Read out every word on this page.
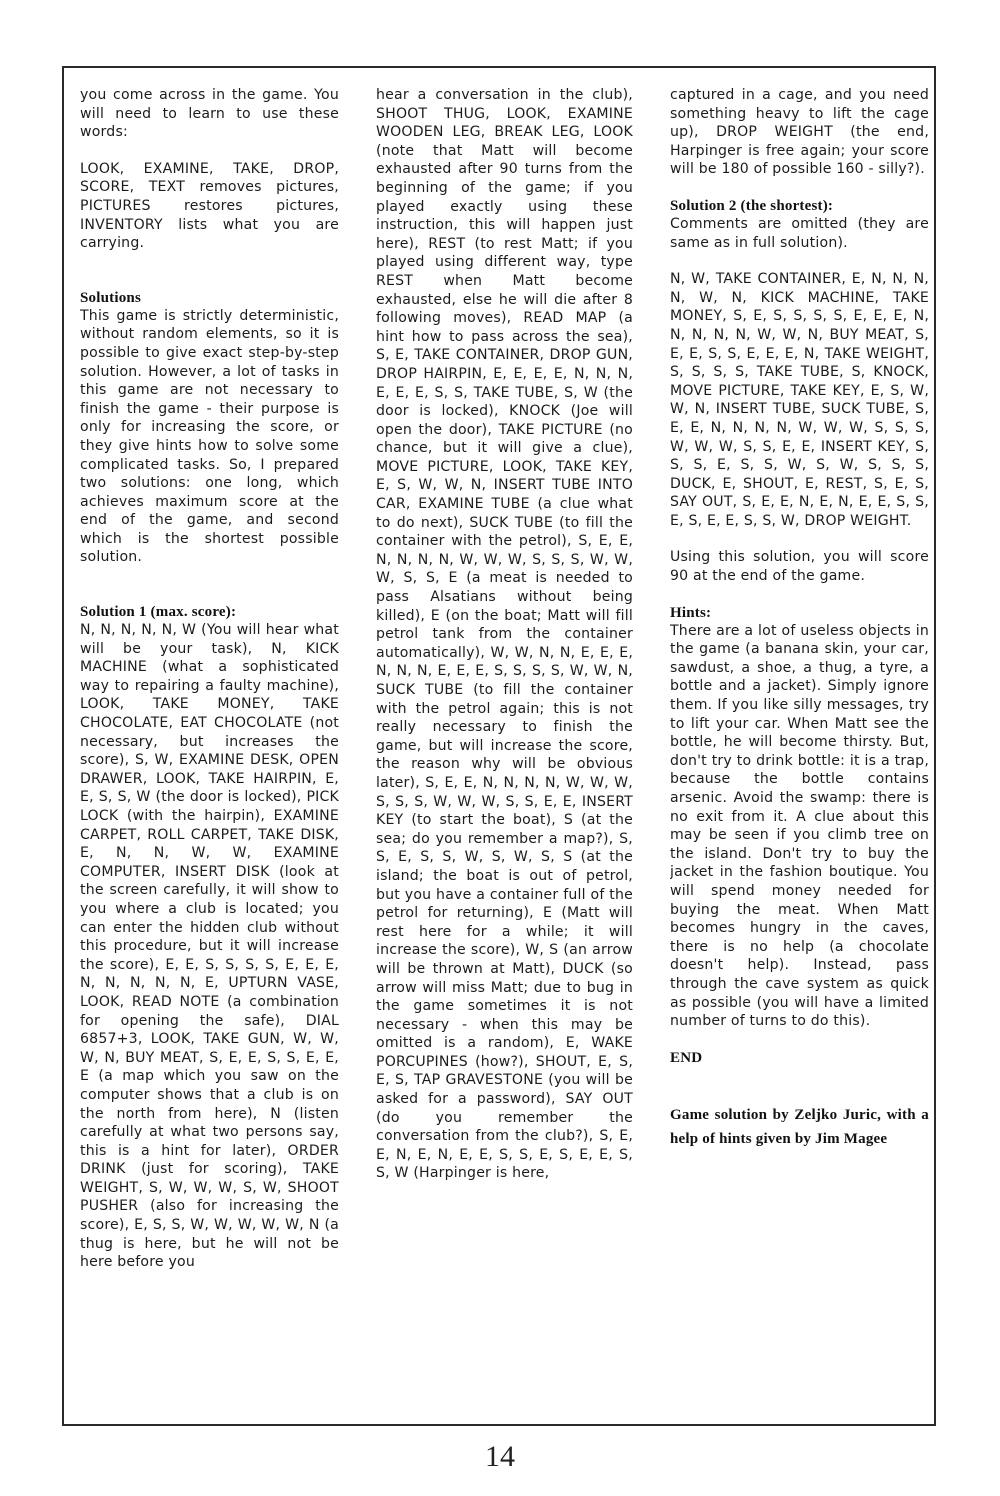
you come across in the game. You will need to learn to use these words:

LOOK, EXAMINE, TAKE, DROP, SCORE, TEXT removes pictures, PICTURES restores pictures, INVENTORY lists what you are carrying.

Solutions

This game is strictly deterministic, without random elements, so it is possible to give exact step-by-step solution. However, a lot of tasks in this game are not necessary to finish the game - their purpose is only for increasing the score, or they give hints how to solve some complicated tasks. So, I prepared two solutions: one long, which achieves maximum score at the end of the game, and second which is the shortest possible solution.

Solution 1 (max. score):

N, N, N, N, N, W (You will hear what will be your task), N, KICK MACHINE (what a sophisticated way to repairing a faulty machine), LOOK, TAKE MONEY, TAKE CHOCOLATE, EAT CHOCOLATE (not necessary, but increases the score), S, W, EXAMINE DESK, OPEN DRAWER, LOOK, TAKE HAIRPIN, E, E, S, S, W (the door is locked), PICK LOCK (with the hairpin), EXAMINE CARPET, ROLL CARPET, TAKE DISK, E, N, N, W, W, EXAMINE COMPUTER, INSERT DISK (look at the screen carefully, it will show to you where a club is located; you can enter the hidden club without this procedure, but it will increase the score), E, E, S, S, S, S, E, E, E, N, N, N, N, N, E, UPTURN VASE, LOOK, READ NOTE (a combination for opening the safe), DIAL 6857+3, LOOK, TAKE GUN, W, W, W, N, BUY MEAT, S, E, E, S, S, E, E, E (a map which you saw on the computer shows that a club is on the north from here), N (listen carefully at what two persons say, this is a hint for later), ORDER DRINK (just for scoring), TAKE WEIGHT, S, W, W, W, S, W, SHOOT PUSHER (also for increasing the score), E, S, S, W, W, W, W, W, N (a thug is here, but he will not be here before you

hear a conversation in the club), SHOOT THUG, LOOK, EXAMINE WOODEN LEG, BREAK LEG, LOOK (note that Matt will become exhausted after 90 turns from the beginning of the game; if you played exactly using these instruction, this will happen just here), REST (to rest Matt; if you played using different way, type REST when Matt become exhausted, else he will die after 8 following moves), READ MAP (a hint how to pass across the sea), S, E, TAKE CONTAINER, DROP GUN, DROP HAIRPIN, E, E, E, E, N, N, N, E, E, E, S, S, TAKE TUBE, S, W (the door is locked), KNOCK (Joe will open the door), TAKE PICTURE (no chance, but it will give a clue), MOVE PICTURE, LOOK, TAKE KEY, E, S, W, W, N, INSERT TUBE INTO CAR, EXAMINE TUBE (a clue what to do next), SUCK TUBE (to fill the container with the petrol), S, E, E, N, N, N, N, W, W, W, S, S, S, W, W, W, S, S, E (a meat is needed to pass Alsatians without being killed), E (on the boat; Matt will fill petrol tank from the container automatically), W, W, N, N, E, E, E, N, N, N, E, E, E, S, S, S, S, W, W, N, SUCK TUBE (to fill the container with the petrol again; this is not really necessary to finish the game, but will increase the score, the reason why will be obvious later), S, E, E, N, N, N, N, W, W, W, S, S, S, W, W, W, S, S, E, E, INSERT KEY (to start the boat), S (at the sea; do you remember a map?), S, S, E, S, S, W, S, W, S, S (at the island; the boat is out of petrol, but you have a container full of the petrol for returning), E (Matt will rest here for a while; it will increase the score), W, S (an arrow will be thrown at Matt), DUCK (so arrow will miss Matt; due to bug in the game sometimes it is not necessary - when this may be omitted is a random), E, WAKE PORCUPINES (how?), SHOUT, E, S, E, S, TAP GRAVESTONE (you will be asked for a password), SAY OUT (do you remember the conversation from the club?), S, E, E, N, E, N, E, E, S, S, E, S, E, E, S, S, W (Harpinger is here,

captured in a cage, and you need something heavy to lift the cage up), DROP WEIGHT (the end, Harpinger is free again; your score will be 180 of possible 160 - silly?).

Solution 2 (the shortest):

Comments are omitted (they are same as in full solution).

N, W, TAKE CONTAINER, E, N, N, N, N, W, N, KICK MACHINE, TAKE MONEY, S, E, S, S, S, S, E, E, E, N, N, N, N, N, W, W, N, BUY MEAT, S, E, E, S, S, E, E, E, N, TAKE WEIGHT, S, S, S, S, TAKE TUBE, S, KNOCK, MOVE PICTURE, TAKE KEY, E, S, W, W, N, INSERT TUBE, SUCK TUBE, S, E, E, N, N, N, N, W, W, W, S, S, S, W, W, W, S, S, E, E, INSERT KEY, S, S, S, E, S, S, W, S, W, S, S, S, DUCK, E, SHOUT, E, REST, S, E, S, SAY OUT, S, E, E, N, E, N, E, E, S, S, E, S, E, E, S, S, W, DROP WEIGHT.

Using this solution, you will score 90 at the end of the game.

Hints:

There are a lot of useless objects in the game (a banana skin, your car, sawdust, a shoe, a thug, a tyre, a bottle and a jacket). Simply ignore them. If you like silly messages, try to lift your car. When Matt see the bottle, he will become thirsty. But, don't try to drink bottle: it is a trap, because the bottle contains arsenic. Avoid the swamp: there is no exit from it. A clue about this may be seen if you climb tree on the island. Don't try to buy the jacket in the fashion boutique. You will spend money needed for buying the meat. When Matt becomes hungry in the caves, there is no help (a chocolate doesn't help). Instead, pass through the cave system as quick as possible (you will have a limited number of turns to do this).

END
Game solution by Zeljko Juric, with a help of hints given by Jim Magee
14
